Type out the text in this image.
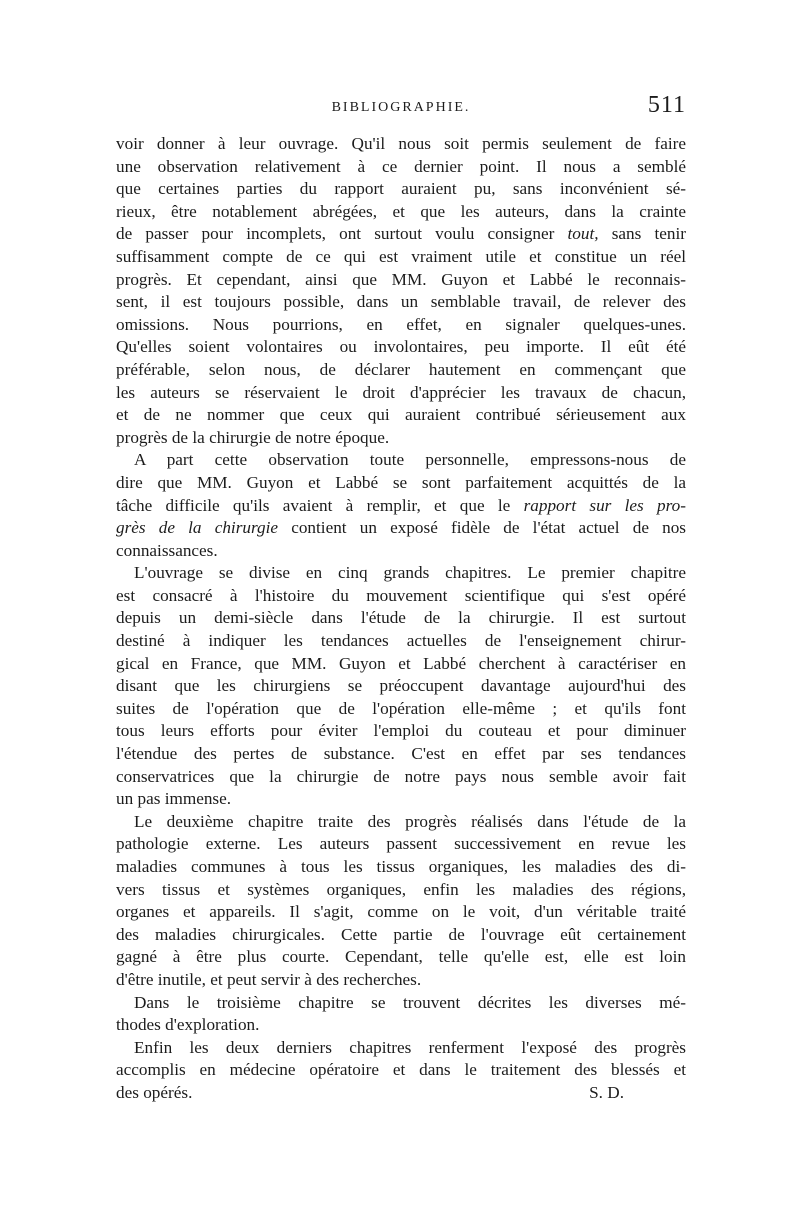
BIBLIOGRAPHIE.	511
voir donner à leur ouvrage. Qu'il nous soit permis seulement de faire
une observation relativement à ce dernier point. Il nous a semblé
que certaines parties du rapport auraient pu, sans inconvénient sé-
rieux, être notablement abrégées, et que les auteurs, dans la crainte
de passer pour incomplets, ont surtout voulu consigner tout, sans tenir
suffisamment compte de ce qui est vraiment utile et constitue un réel
progrès. Et cependant, ainsi que MM. Guyon et Labbé le reconnais-
sent, il est toujours possible, dans un semblable travail, de relever des
omissions. Nous pourrions, en effet, en signaler quelques-unes.
Qu'elles soient volontaires ou involontaires, peu importe. Il eût été
préférable, selon nous, de déclarer hautement en commençant que
les auteurs se réservaient le droit d'apprécier les travaux de chacun,
et de ne nommer que ceux qui auraient contribué sérieusement aux
progrès de la chirurgie de notre époque.
A part cette observation toute personnelle, empressons-nous de
dire que MM. Guyon et Labbé se sont parfaitement acquittés de la
tâche difficile qu'ils avaient à remplir, et que le rapport sur les pro-
grès de la chirurgie contient un exposé fidèle de l'état actuel de nos
connaissances.
L'ouvrage se divise en cinq grands chapitres. Le premier chapitre
est consacré à l'histoire du mouvement scientifique qui s'est opéré
depuis un demi-siècle dans l'étude de la chirurgie. Il est surtout
destiné à indiquer les tendances actuelles de l'enseignement chirur-
gical en France, que MM. Guyon et Labbé cherchent à caractériser en
disant que les chirurgiens se préoccupent davantage aujourd'hui des
suites de l'opération que de l'opération elle-même ; et qu'ils font
tous leurs efforts pour éviter l'emploi du couteau et pour diminuer
l'étendue des pertes de substance. C'est en effet par ses tendances
conservatrices que la chirurgie de notre pays nous semble avoir fait
un pas immense.
Le deuxième chapitre traite des progrès réalisés dans l'étude de la
pathologie externe. Les auteurs passent successivement en revue les
maladies communes à tous les tissus organiques, les maladies des di-
vers tissus et systèmes organiques, enfin les maladies des régions,
organes et appareils. Il s'agit, comme on le voit, d'un véritable traité
des maladies chirurgicales. Cette partie de l'ouvrage eût certainement
gagné à être plus courte. Cependant, telle qu'elle est, elle est loin
d'être inutile, et peut servir à des recherches.
Dans le troisième chapitre se trouvent décrites les diverses mé-
thodes d'exploration.
Enfin les deux derniers chapitres renferment l'exposé des progrès
accomplis en médecine opératoire et dans le traitement des blessés et
des opérés.	S. D.
